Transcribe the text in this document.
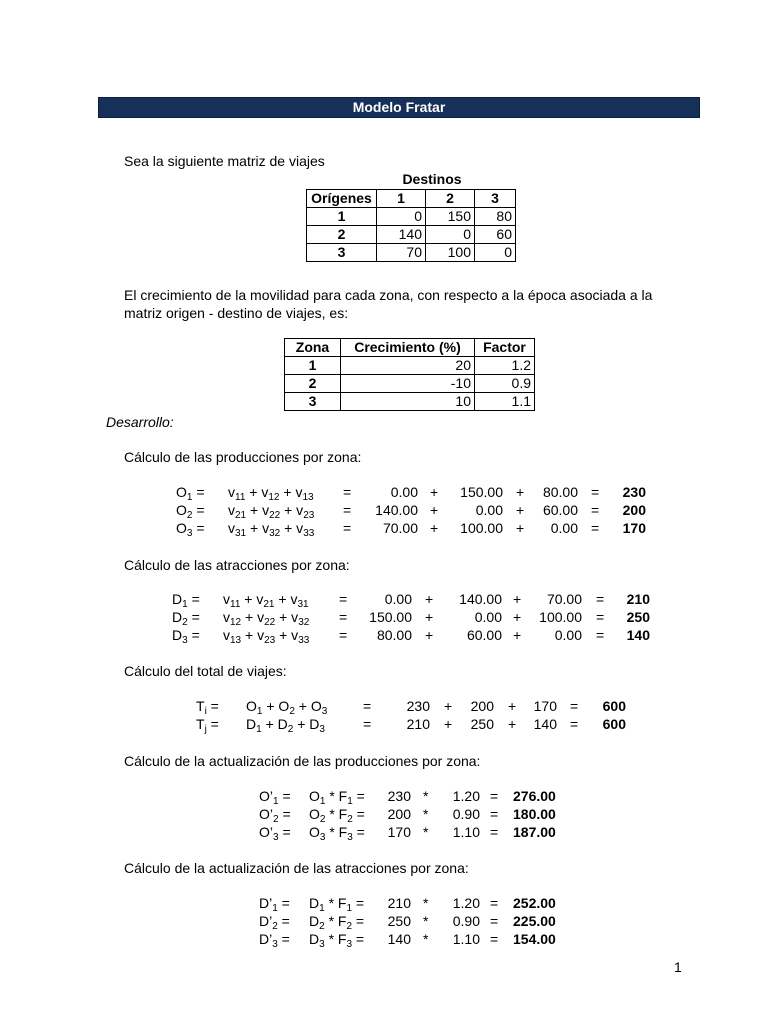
Modelo Fratar
Sea la siguiente matriz de viajes
Destinos
Orígenes	1	2	3
1	0	150	80
2	140	0	60
3	70	100	0
El crecimiento de la movilidad para cada zona, con respecto a la época asociada a la
matriz origen - destino de viajes, es:
Zona	Crecimiento (%)	Factor
1	20	1.2
2	-10	0.9
3	10	1.1
Desarrollo:
Cálculo de las producciones por zona:
$O_1 = v_{11} + v_{12} + v_{13}$ =	0.00 +	150.00 +	80.00 =	230
$O_2 = v_{21} + v_{22} + v_{23}$ =	140.00 +	0.00 +	60.00 =	200
$O_3 = v_{31} + v_{32} + v_{33}$ =	70.00 +	100.00 +	0.00 =	170
Cálculo de las atracciones por zona:
$D_1 = v_{11} + v_{21} + v_{31}$ =	0.00 +	140.00 +	70.00 =	210
$D_2 = v_{12} + v_{22} + v_{32}$ =	150.00 +	0.00 +	100.00 =	250
$D_3 = v_{13} + v_{23} + v_{33}$ =	80.00 +	60.00 +	0.00 =	140
Cálculo del total de viajes:
$T_i = O_1 + O_2 + O_3$	=	230 +	200 +	170 =	600
$T_j = D_1 + D_2 + D_3$	=	210 +	250 +	140 =	600
Cálculo de la actualización de las producciones por zona:
$O’_1 = O_1 * F_1$ =	230 *	1.20 = 276.00
$O’_2 = O_2 * F_2$ =	200 *	0.90 = 180.00
$O’_3 = O_3 * F_3$ =	170 *	1.10 = 187.00
Cálculo de la actualización de las atracciones por zona:
$D’_1 = D_1 * F_1$ =	210 *	1.20 = 252.00
$D’_2 = D_2 * F_2$ =	250 *	0.90 = 225.00
$D’_3 = D_3 * F_3$ =	140 *	1.10 = 154.00
1
